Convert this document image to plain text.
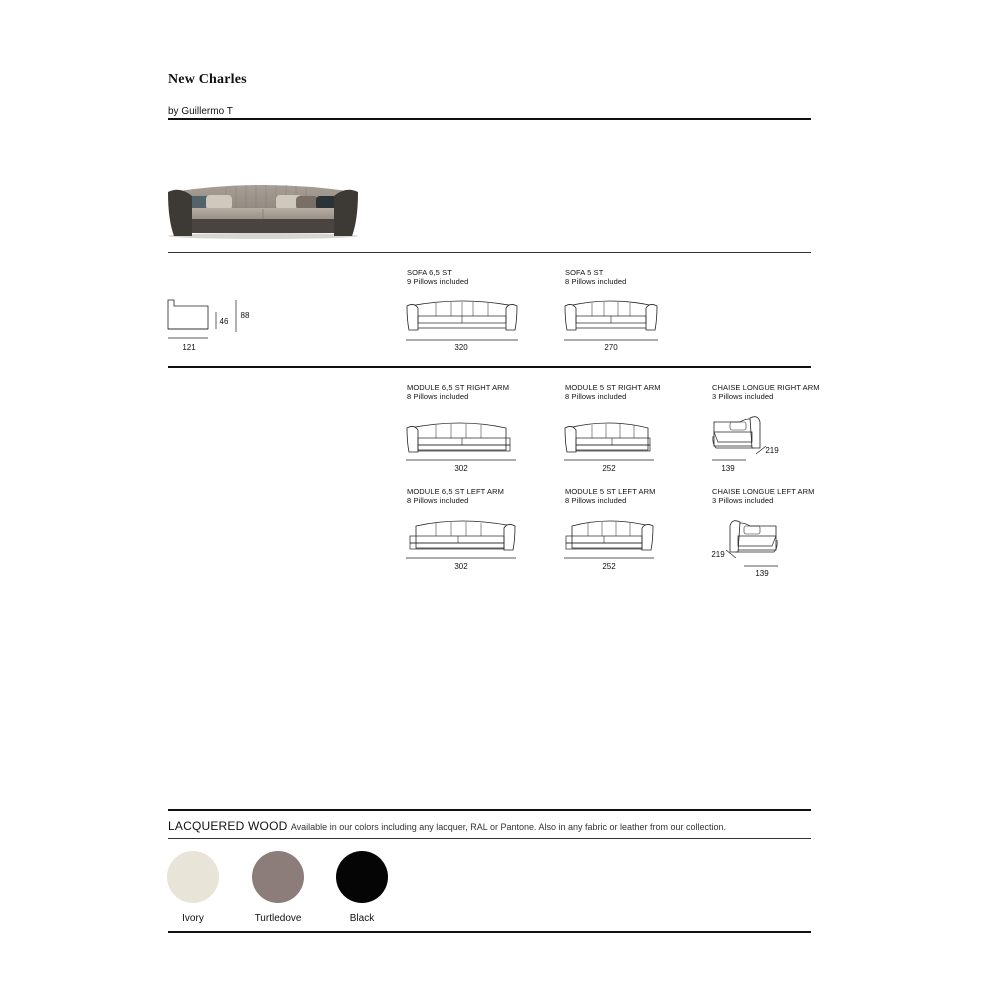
New Charles
by Guillermo T
121
46
88
SOFA 6,5 ST
9 Pillows included
320
SOFA 5 ST
8 Pillows included
270
MODULE 6,5 ST RIGHT ARM
8 Pillows included
302
MODULE 5 ST RIGHT ARM
8 Pillows included
252
CHAISE LONGUE RIGHT ARM
3 Pillows included
139
219
MODULE 6,5 ST LEFT ARM
8 Pillows included
302
MODULE 5 ST LEFT ARM
8 Pillows included
252
CHAISE LONGUE LEFT ARM
3 Pillows included
219
139
LACQUERED WOOD Available in our colors including any lacquer, RAL or Pantone. Also in any fabric or leather from our collection.
Ivory	Turtledove	Black
